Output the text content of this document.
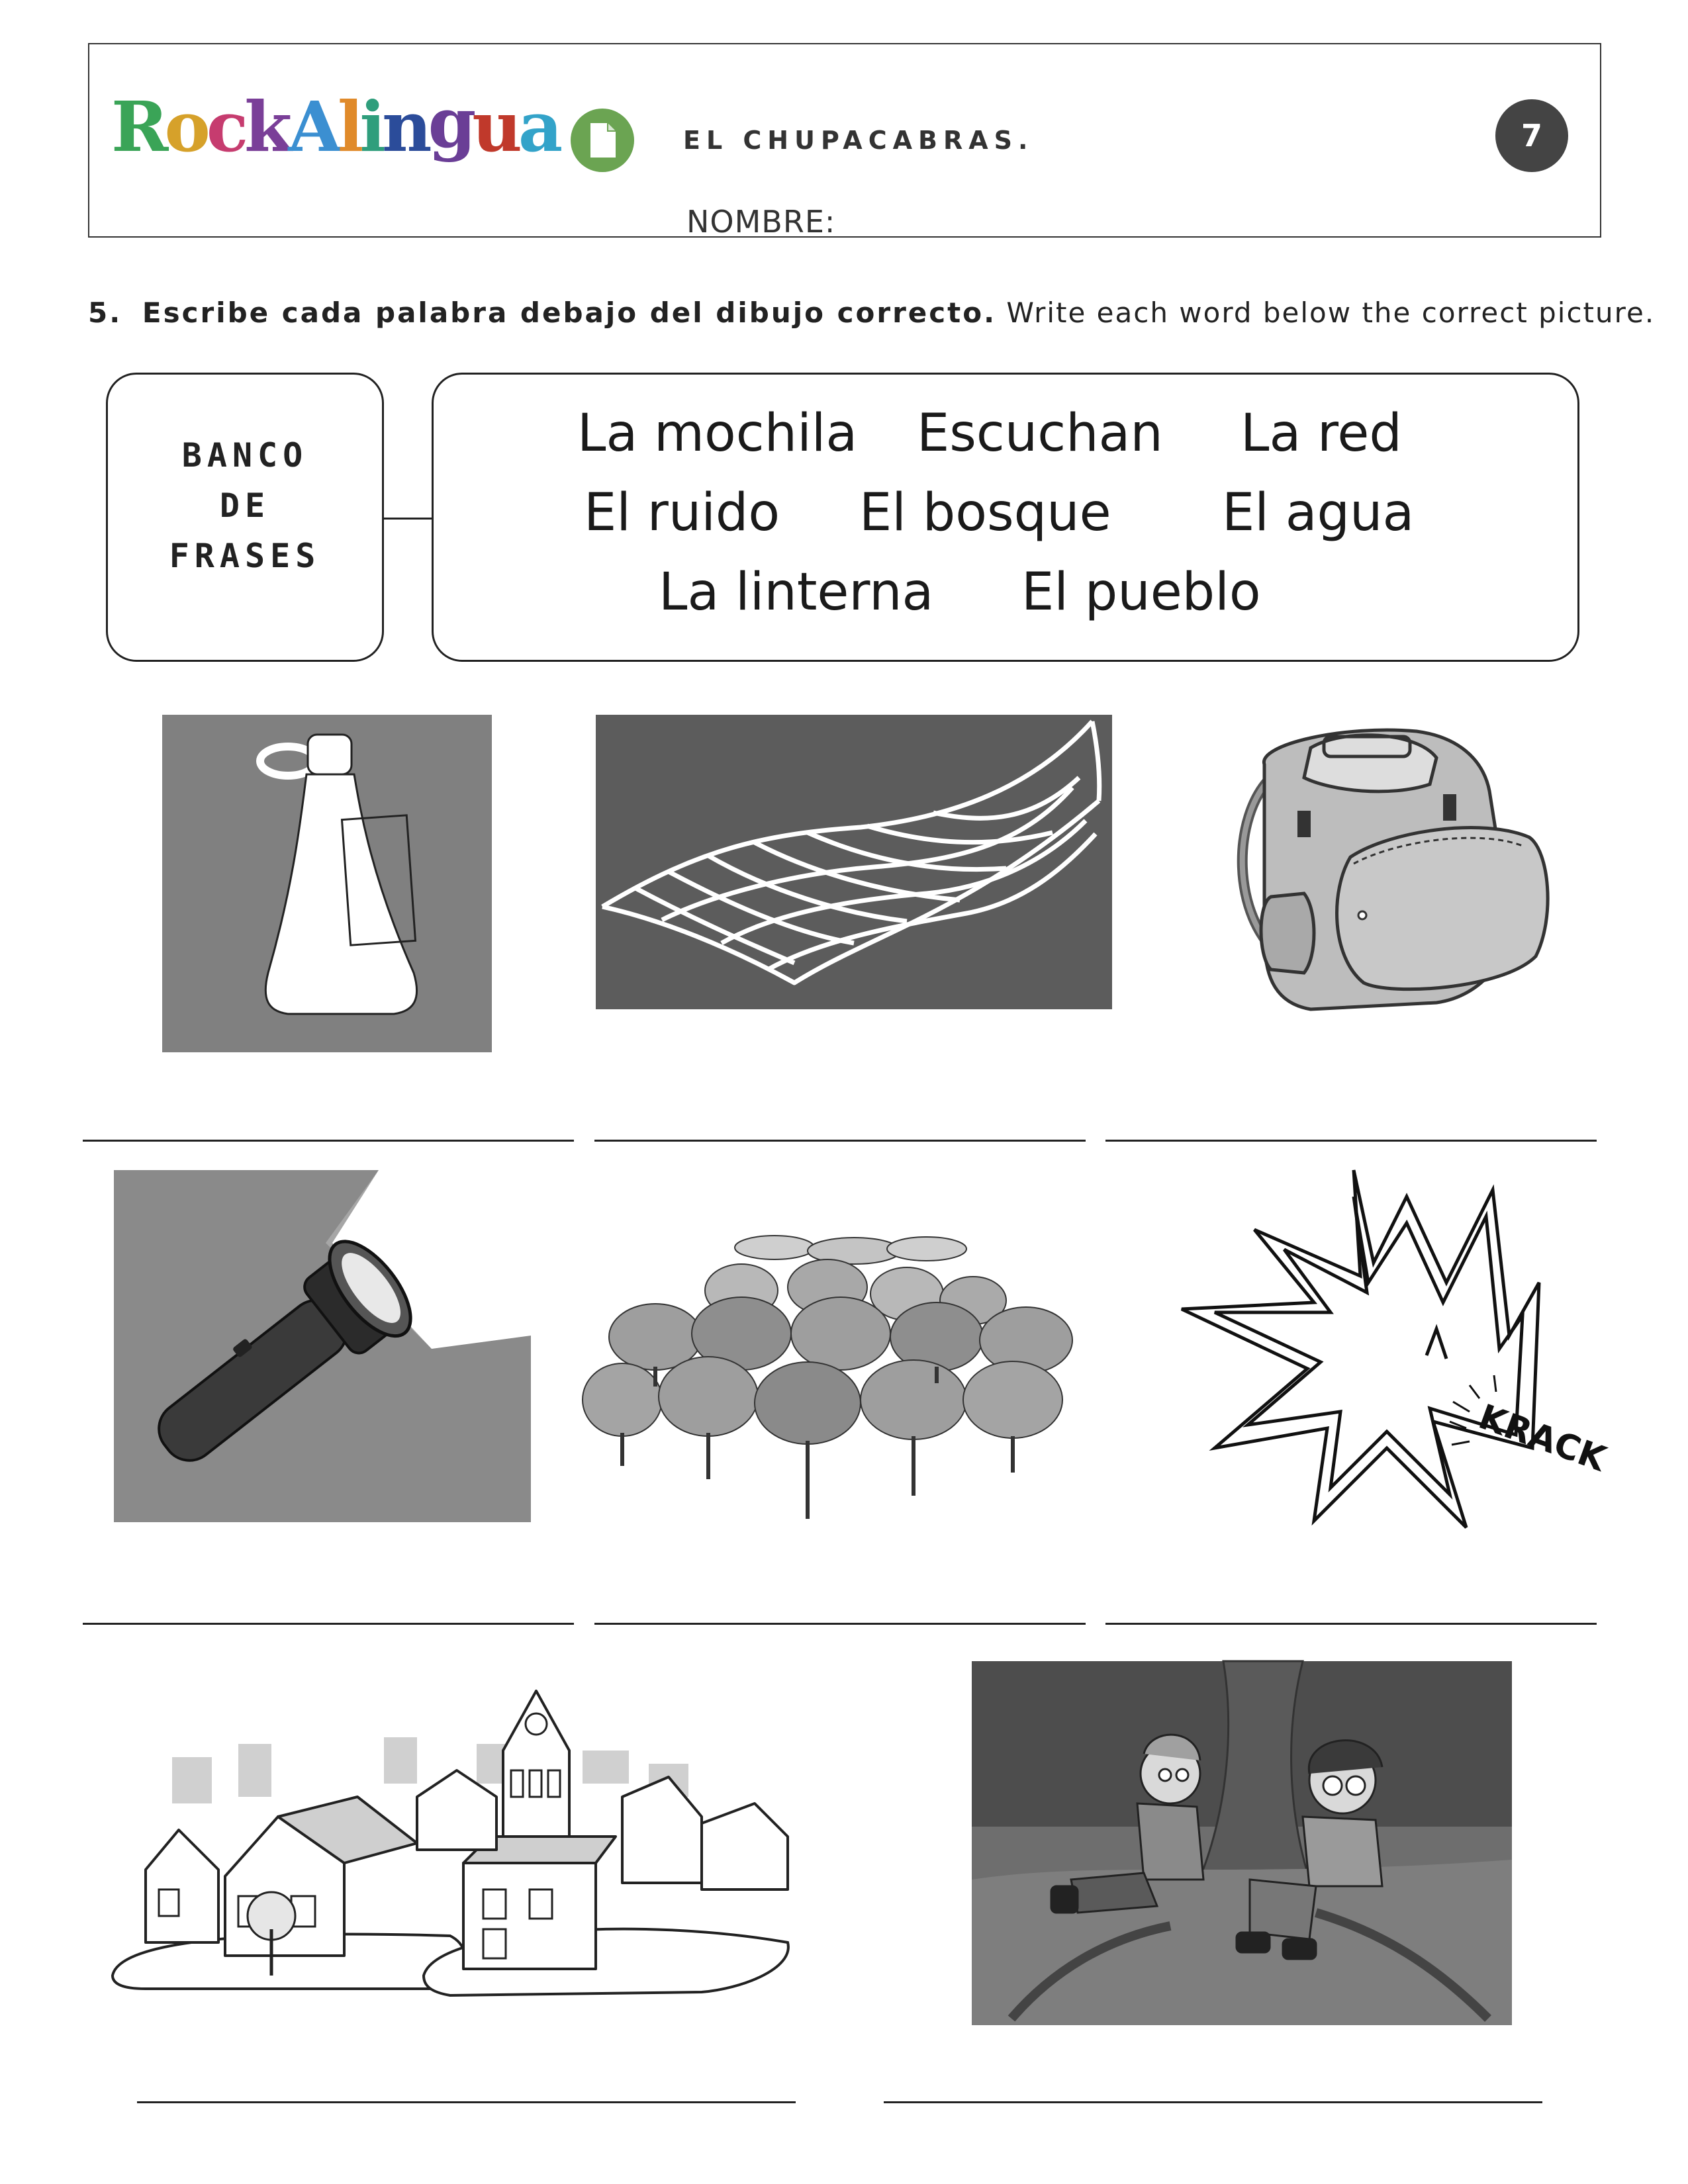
RockAlingua	EL CHUPACABRAS.	7
NOMBRE:
5. Escribe cada palabra debajo del dibujo correcto. Write each word below the correct picture.
BANCO
DE
FRASES
La mochila Escuchan La red
El ruido El bosque El agua
La linterna El pueblo
KRACK
